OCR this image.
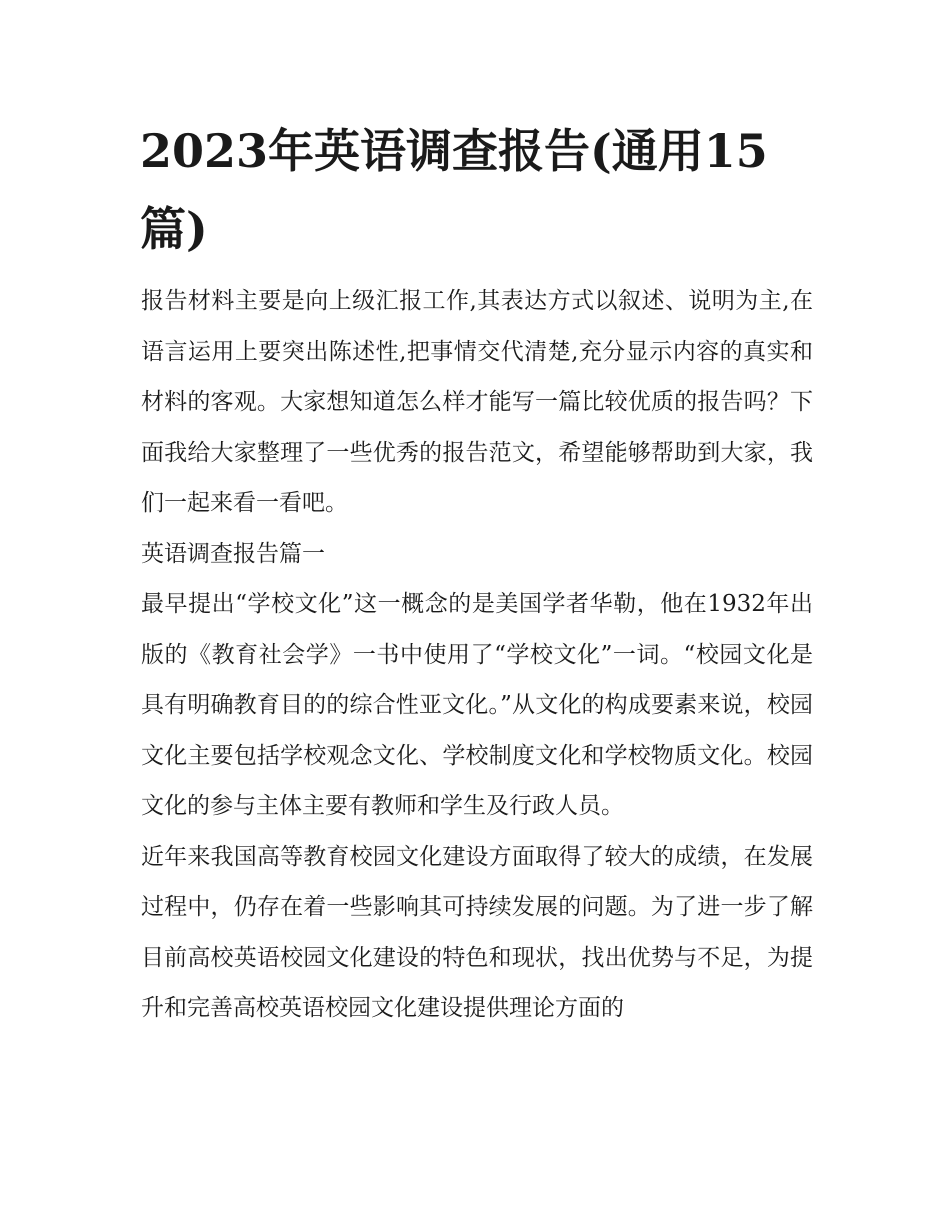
2023年英语调查报告(通用15篇)

报告材料主要是向上级汇报工作,其表达方式以叙述、说明为主,在语言运用上要突出陈述性,把事情交代清楚,充分显示内容的真实和材料的客观。大家想知道怎么样才能写一篇比较优质的报告吗？下面我给大家整理了一些优秀的报告范文，希望能够帮助到大家，我们一起来看一看吧。

英语调查报告篇一

最早提出“学校文化”这一概念的是美国学者华勒，他在1932年出版的《教育社会学》一书中使用了“学校文化”一词。“校园文化是具有明确教育目的的综合性亚文化。”从文化的构成要素来说，校园文化主要包括学校观念文化、学校制度文化和学校物质文化。校园文化的参与主体主要有教师和学生及行政人员。

近年来我国高等教育校园文化建设方面取得了较大的成绩，在发展过程中，仍存在着一些影响其可持续发展的问题。为了进一步了解目前高校英语校园文化建设的特色和现状，找出优势与不足，为提升和完善高校英语校园文化建设提供理论方面的
